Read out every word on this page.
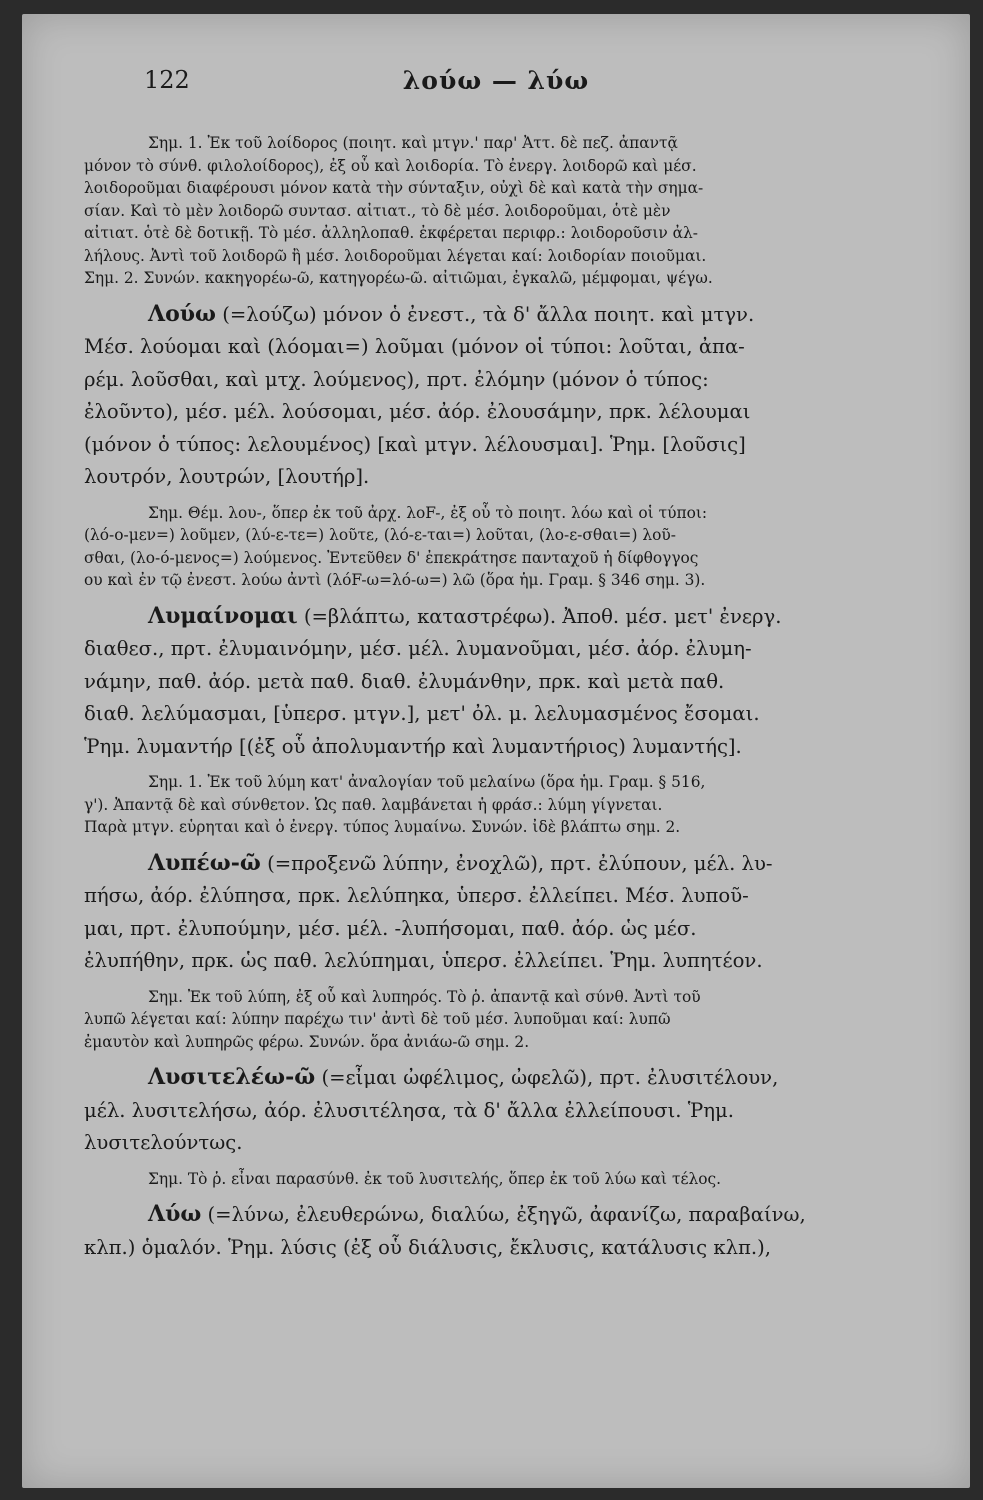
122	λούω — λύω
Σημ. 1. Ἐκ τοῦ λοίδορος (ποιητ. καὶ μτγν.' παρ' Ἀττ. δὲ πεζ. ἀπαντᾷ
μόνον τὸ σύνθ. φιλολοίδορος), ἐξ οὗ καὶ λοιδορία. Τὸ ἐνεργ. λοιδορῶ καὶ μέσ.
λοιδοροῦμαι διαφέρουσι μόνον κατὰ τὴν σύνταξιν, οὐχὶ δὲ καὶ κατὰ τὴν σημα-
σίαν. Καὶ τὸ μὲν λοιδορῶ συντασ. αἰτιατ., τὸ δὲ μέσ. λοιδοροῦμαι, ὁτὲ μὲν
αἰτιατ. ὁτὲ δὲ δοτικῇ. Τὸ μέσ. ἀλληλοπαθ. ἐκφέρεται περιφρ.: λοιδοροῦσιν ἀλ-
λήλους. Ἀντὶ τοῦ λοιδορῶ ἢ μέσ. λοιδοροῦμαι λέγεται καί: λοιδορίαν ποιοῦμαι.
Σημ. 2. Συνών. κακηγορέω-ῶ, κατηγορέω-ῶ. αἰτιῶμαι, ἐγκαλῶ, μέμφομαι, ψέγω.
Λούω (=λούζω) μόνον ὁ ἐνεστ., τὰ δ' ἄλλα ποιητ. καὶ μτγν.
Μέσ. λούομαι καὶ (λόομαι=) λοῦμαι (μόνον οἱ τύποι: λοῦται, ἀπα-
ρέμ. λοῦσθαι, καὶ μτχ. λούμενος), πρτ. ἐλόμην (μόνον ὁ τύπος:
ἐλοῦντο), μέσ. μέλ. λούσομαι, μέσ. ἀόρ. ἐλουσάμην, πρκ. λέλουμαι
(μόνον ὁ τύπος: λελουμένος) [καὶ μτγν. λέλουσμαι]. Ῥημ. [λοῦσις]
λουτρόν, λουτρών, [λουτήρ].
Σημ. Θέμ. λου-, ὅπερ ἐκ τοῦ ἀρχ. λοF-, ἐξ οὗ τὸ ποιητ. λόω καὶ οἱ τύποι:
(λό-ο-μεν=) λοῦμεν, (λύ-ε-τε=) λοῦτε, (λό-ε-ται=) λοῦται, (λο-ε-σθαι=) λοῦ-
σθαι, (λο-ό-μενος=) λούμενος. Ἐντεῦθεν δ' ἐπεκράτησε πανταχοῦ ἡ δίφθογγος
ου καὶ ἐν τῷ ἐνεστ. λούω ἀντὶ (λόF-ω=λό-ω=) λῶ (ὅρα ἡμ. Γραμ. § 346 σημ. 3).
Λυμαίνομαι (=βλάπτω, καταστρέφω). Ἀποθ. μέσ. μετ' ἐνεργ.
διαθεσ., πρτ. ἐλυμαινόμην, μέσ. μέλ. λυμανοῦμαι, μέσ. ἀόρ. ἐλυμη-
νάμην, παθ. ἀόρ. μετὰ παθ. διαθ. ἐλυμάνθην, πρκ. καὶ μετὰ παθ.
διαθ. λελύμασμαι, [ὑπερσ. μτγν.], μετ' ὀλ. μ. λελυμασμένος ἔσομαι.
Ῥημ. λυμαντήρ [(ἐξ οὗ ἀπολυμαντήρ καὶ λυμαντήριος) λυμαντής].
Σημ. 1. Ἐκ τοῦ λύμη κατ' ἀναλογίαν τοῦ μελαίνω (ὅρα ἡμ. Γραμ. § 516,
γ'). Ἀπαντᾷ δὲ καὶ σύνθετον. Ὡς παθ. λαμβάνεται ἡ φράσ.: λύμη γίγνεται.
Παρὰ μτγν. εὑρηται καὶ ὁ ἐνεργ. τύπος λυμαίνω. Συνών. ἰδὲ βλάπτω σημ. 2.
Λυπέω-ῶ (=προξενῶ λύπην, ἐνοχλῶ), πρτ. ἐλύπουν, μέλ. λυ-
πήσω, ἀόρ. ἐλύπησα, πρκ. λελύπηκα, ὑπερσ. ἐλλείπει. Μέσ. λυποῦ-
μαι, πρτ. ἐλυπούμην, μέσ. μέλ. -λυπήσομαι, παθ. ἀόρ. ὡς μέσ.
ἐλυπήθην, πρκ. ὡς παθ. λελύπημαι, ὑπερσ. ἐλλείπει. Ῥημ. λυπητέον.
Σημ. Ἐκ τοῦ λύπη, ἐξ οὗ καὶ λυπηρός. Τὸ ῥ. ἀπαντᾷ καὶ σύνθ. Ἀντὶ τοῦ
λυπῶ λέγεται καί: λύπην παρέχω τιν' ἀντὶ δὲ τοῦ μέσ. λυποῦμαι καί: λυπῶ
ἐμαυτὸν καὶ λυπηρῶς φέρω. Συνών. ὅρα ἀνιάω-ῶ σημ. 2.
Λυσιτελέω-ῶ (=εἶμαι ὠφέλιμος, ὠφελῶ), πρτ. ἐλυσιτέλουν,
μέλ. λυσιτελήσω, ἀόρ. ἐλυσιτέλησα, τὰ δ' ἄλλα ἐλλείπουσι. Ῥημ.
λυσιτελούντως.
Σημ. Τὸ ῥ. εἶναι παρασύνθ. ἐκ τοῦ λυσιτελής, ὅπερ ἐκ τοῦ λύω καὶ τέλος.
Λύω (=λύνω, ἐλευθερώνω, διαλύω, ἐξηγῶ, ἀφανίζω, παραβαίνω,
κλπ.) ὁμαλόν. Ῥημ. λύσις (ἐξ οὗ διάλυσις, ἔκλυσις, κατάλυσις κλπ.),
